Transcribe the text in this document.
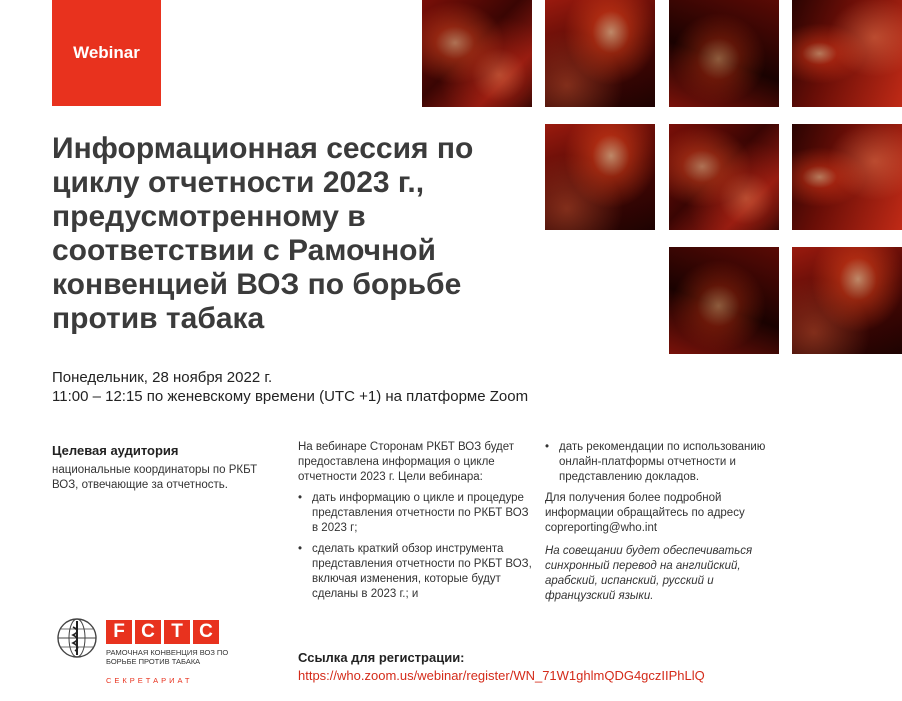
Webinar
Информационная сессия по циклу отчетности 2023 г., предусмотренному в соответствии с Рамочной конвенцией ВОЗ по борьбе против табака
Понедельник, 28 ноября 2022 г.
11:00 – 12:15 по женевскому времени (UTC +1) на платформе Zoom
Целевая аудитория
национальные координаторы по РКБТ ВОЗ, отвечающие за отчетность.
На вебинаре Сторонам РКБТ ВОЗ будет предоставлена информация о цикле отчетности 2023 г. Цели вебинара:
• дать информацию о цикле и процедуре представления отчетности по РКБТ ВОЗ в 2023 г;
• сделать краткий обзор инструмента представления отчетности по РКБТ ВОЗ, включая изменения, которые будут сделаны в 2023 г.; и
• дать рекомендации по использованию онлайн-платформы отчетности и представлению докладов.
Для получения более подробной информации обращайтесь по адресу copreporting@who.int
На совещании будет обеспечиваться синхронный перевод на английский, арабский, испанский, русский и французский языки.
Ссылка для регистрации:
https://who.zoom.us/webinar/register/WN_71W1ghlmQDG4gczIIPhLlQ
F C T C
РАМОЧНАЯ КОНВЕНЦИЯ ВОЗ ПО БОРЬБЕ ПРОТИВ ТАБАКА
СЕКРЕТАРИАТ
